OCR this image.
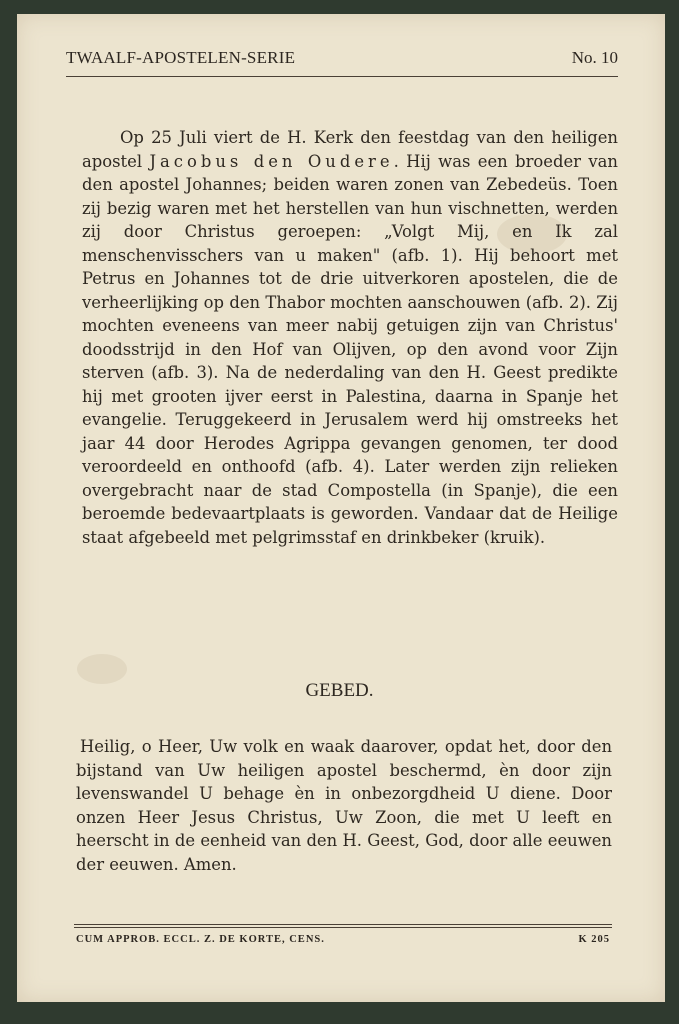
TWAALF-APOSTELEN-SERIE	No. 10

Op 25 Juli viert de H. Kerk den feestdag van den heiligen apostel Jacobus den Oudere. Hij was een broeder van den apostel Johannes; beiden waren zonen van Zebedeüs. Toen zij bezig waren met het herstellen van hun vischnetten, werden zij door Christus geroepen: „Volgt Mij, en Ik zal menschenvisschers van u maken" (afb. 1). Hij behoort met Petrus en Johannes tot de drie uitverkoren apostelen, die de verheerlijking op den Thabor mochten aanschouwen (afb. 2). Zij mochten eveneens van meer nabij getuigen zijn van Christus' doodsstrijd in den Hof van Olijven, op den avond voor Zijn sterven (afb. 3). Na de nederdaling van den H. Geest predikte hij met grooten ijver eerst in Palestina, daarna in Spanje het evangelie. Teruggekeerd in Jerusalem werd hij omstreeks het jaar 44 door Herodes Agrippa gevangen genomen, ter dood veroordeeld en onthoofd (afb. 4). Later werden zijn relieken overgebracht naar de stad Compostella (in Spanje), die een beroemde bedevaartplaats is geworden. Vandaar dat de Heilige staat afgebeeld met pelgrimsstaf en drinkbeker (kruik).

GEBED.

Heilig, o Heer, Uw volk en waak daarover, opdat het, door den bijstand van Uw heiligen apostel beschermd, èn door zijn levenswandel U behage èn in onbezorgdheid U diene. Door onzen Heer Jesus Christus, Uw Zoon, die met U leeft en heerscht in de eenheid van den H. Geest, God, door alle eeuwen der eeuwen. Amen.

CUM APPROB. ECCL. Z. DE KORTE, CENS.	K 205
